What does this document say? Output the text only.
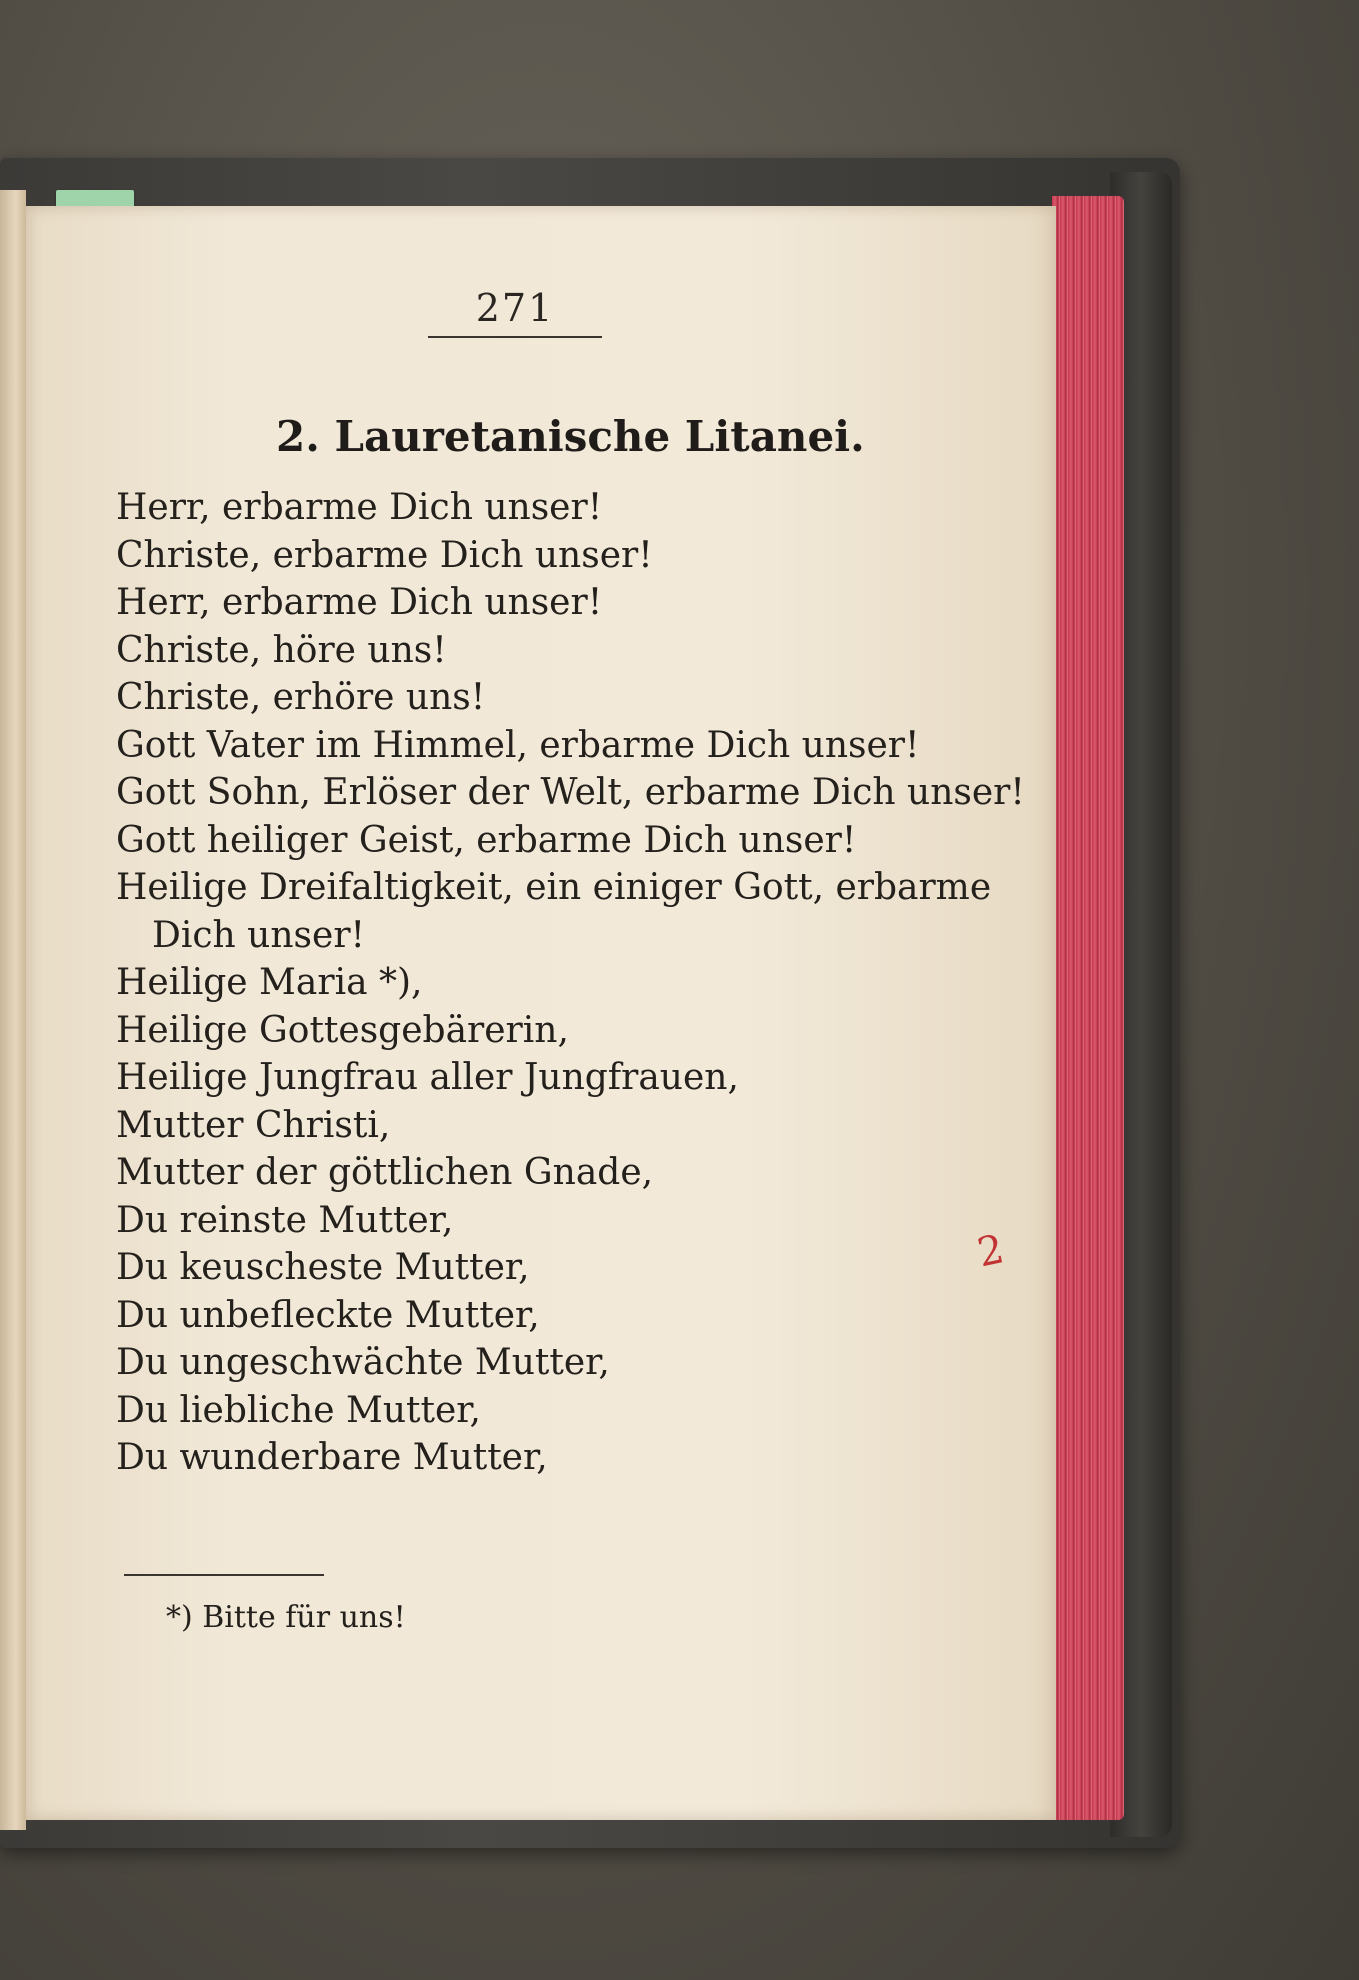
271
2. Lauretanische Litanei.
Herr, erbarme Dich unser!
Christe, erbarme Dich unser!
Herr, erbarme Dich unser!
Christe, höre uns!
Christe, erhöre uns!
Gott Vater im Himmel, erbarme Dich unser!
Gott Sohn, Erlöser der Welt, erbarme Dich unser!
Gott heiliger Geist, erbarme Dich unser!
Heilige Dreifaltigkeit, ein einiger Gott, erbarme
Dich unser!
Heilige Maria *),
Heilige Gottesgebärerin,
Heilige Jungfrau aller Jungfrauen,
Mutter Christi,
Mutter der göttlichen Gnade,
Du reinste Mutter,
Du keuscheste Mutter,
Du unbefleckte Mutter,
Du ungeschwächte Mutter,
Du liebliche Mutter,
Du wunderbare Mutter,
*) Bitte für uns!
2
